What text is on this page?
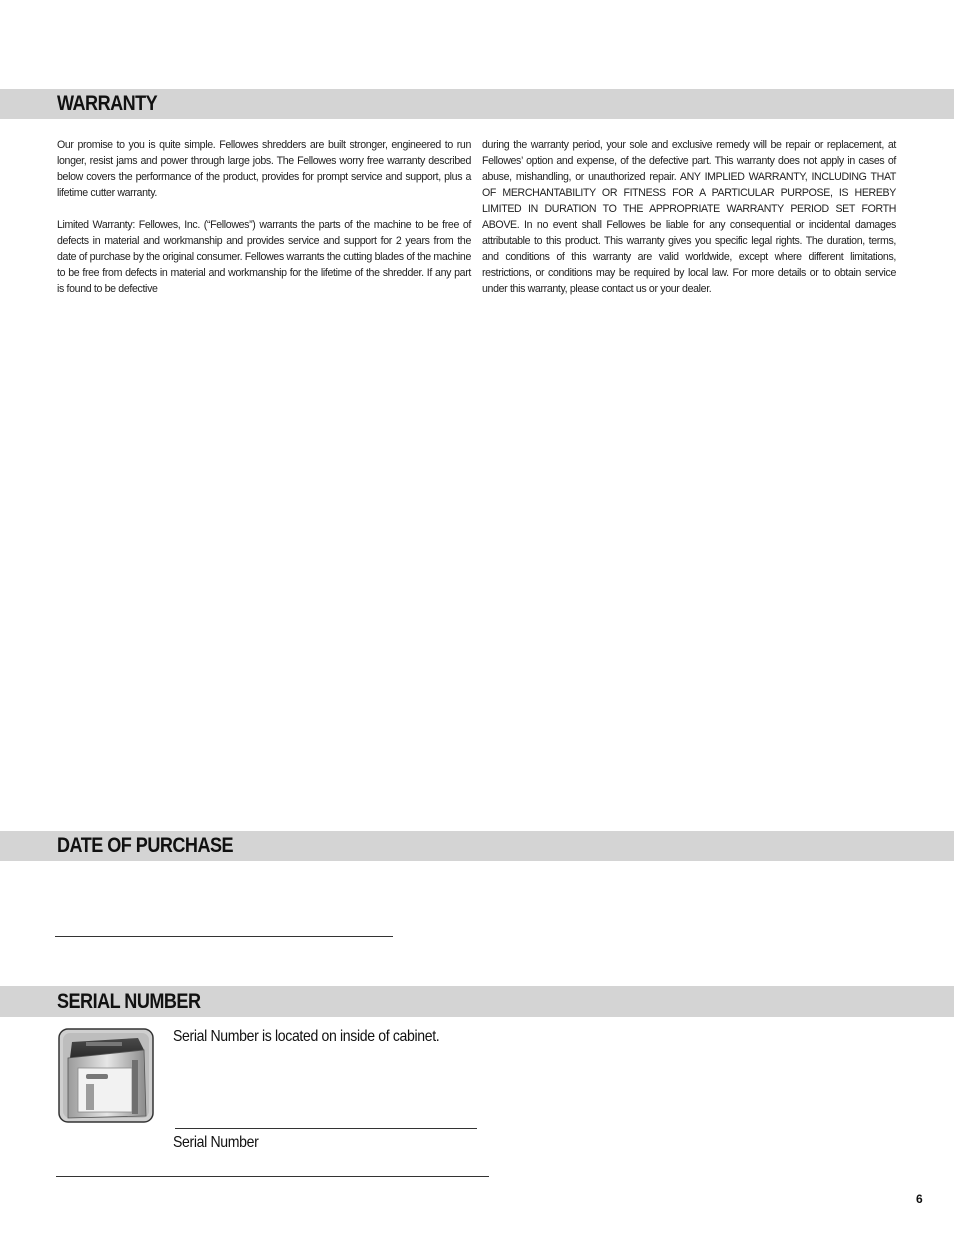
WARRANTY

Our promise to you is quite simple. Fellowes shredders are built stronger, engineered to run longer, resist jams and power through large jobs. The Fellowes worry free warranty described below covers the performance of the product, provides for prompt service and support, plus a lifetime cutter warranty.

Limited Warranty: Fellowes, Inc. (“Fellowes”) warrants the parts of the machine to be free of defects in material and workmanship and provides service and support for 2 years from the date of purchase by the original consumer. Fellowes warrants the cutting blades of the machine to be free from defects in material and workmanship for the lifetime of the shredder. If any part is found to be defective

during the warranty period, your sole and exclusive remedy will be repair or replacement, at Fellowes’ option and expense, of the defective part. This warranty does not apply in cases of abuse, mishandling, or unauthorized repair. ANY IMPLIED WARRANTY, INCLUDING THAT OF MERCHANTABILITY OR FITNESS FOR A PARTICULAR PURPOSE, IS HEREBY LIMITED IN DURATION TO THE APPROPRIATE WARRANTY PERIOD SET FORTH ABOVE. In no event shall Fellowes be liable for any consequential or incidental damages attributable to this product. This warranty gives you specific legal rights. The duration, terms, and conditions of this warranty are valid worldwide, except where different limitations, restrictions, or conditions may be required by local law. For more details or to obtain service under this warranty, please contact us or your dealer.

DATE OF PURCHASE
SERIAL NUMBER
Serial Number is located on inside of cabinet.
Serial Number
6
